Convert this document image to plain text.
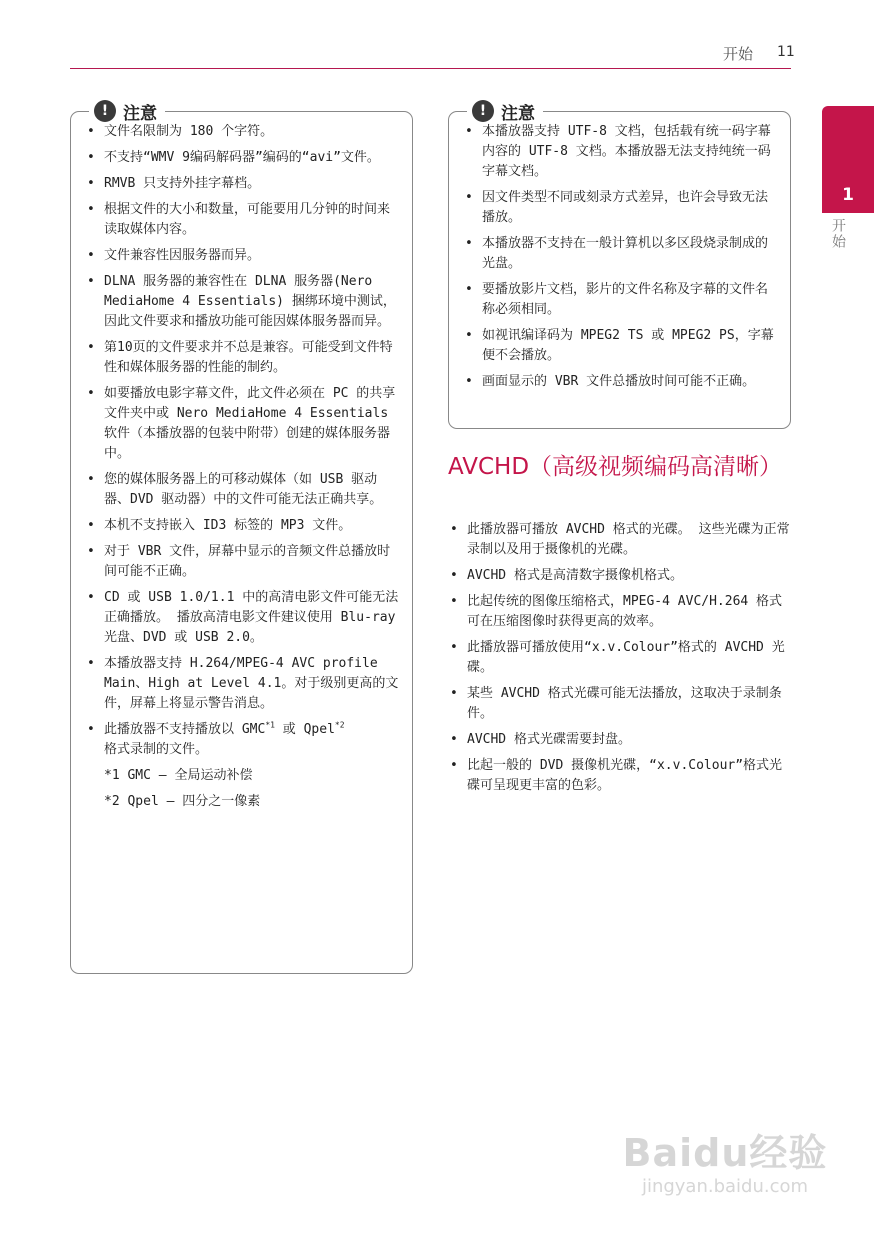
开始 11
1
开始
! 注意
• 文件名限制为 180 个字符。
• 不支持“WMV 9编码解码器”编码的“avi”文件。
• RMVB 只支持外挂字幕档。
• 根据文件的大小和数量，可能要用几分钟的时间来读取媒体内容。
• 文件兼容性因服务器而异。
• DLNA 服务器的兼容性在 DLNA 服务器(Nero MediaHome 4 Essentials) 捆绑环境中测试，因此文件要求和播放功能可能因媒体服务器而异。
• 第10页的文件要求并不总是兼容。可能受到文件特性和媒体服务器的性能的制约。
• 如要播放电影字幕文件，此文件必须在 PC 的共享文件夹中或 Nero MediaHome 4 Essentials 软件（本播放器的包装中附带）创建的媒体服务器中。
• 您的媒体服务器上的可移动媒体（如 USB 驱动器、DVD 驱动器）中的文件可能无法正确共享。
• 本机不支持嵌入 ID3 标签的 MP3 文件。
• 对于 VBR 文件，屏幕中显示的音频文件总播放时间可能不正确。
• CD 或 USB 1.0/1.1 中的高清电影文件可能无法正确播放。 播放高清电影文件建议使用 Blu-ray光盘、DVD 或 USB 2.0。
• 本播放器支持 H.264/MPEG-4 AVC profile Main、High at Level 4.1。对于级别更高的文件，屏幕上将显示警告消息。
• 此播放器不支持播放以 GMC$^{*1}$ 或 Qpel$^{*2}$
格式录制的文件。
*1 GMC – 全局运动补偿
*2 Qpel – 四分之一像素
! 注意
• 本播放器支持 UTF-8 文档，包括载有统一码字幕内容的 UTF-8 文档。本播放器无法支持纯统一码字幕文档。
• 因文件类型不同或刻录方式差异，也许会导致无法播放。
• 本播放器不支持在一般计算机以多区段烧录制成的光盘。
• 要播放影片文档，影片的文件名称及字幕的文件名称必须相同。
• 如视讯编译码为 MPEG2 TS 或 MPEG2 PS，字幕便不会播放。
• 画面显示的 VBR 文件总播放时间可能不正确。
AVCHD（高级视频编码高清晰）
• 此播放器可播放 AVCHD 格式的光碟。 这些光碟为正常录制以及用于摄像机的光碟。
• AVCHD 格式是高清数字摄像机格式。
• 比起传统的图像压缩格式，MPEG-4 AVC/H.264 格式可在压缩图像时获得更高的效率。
• 此播放器可播放使用“x.v.Colour”格式的 AVCHD 光碟。
• 某些 AVCHD 格式光碟可能无法播放，这取决于录制条件。
• AVCHD 格式光碟需要封盘。
• 比起一般的 DVD 摄像机光碟，“x.v.Colour”格式光碟可呈现更丰富的色彩。
Baidu经验
jingyan.baidu.com
